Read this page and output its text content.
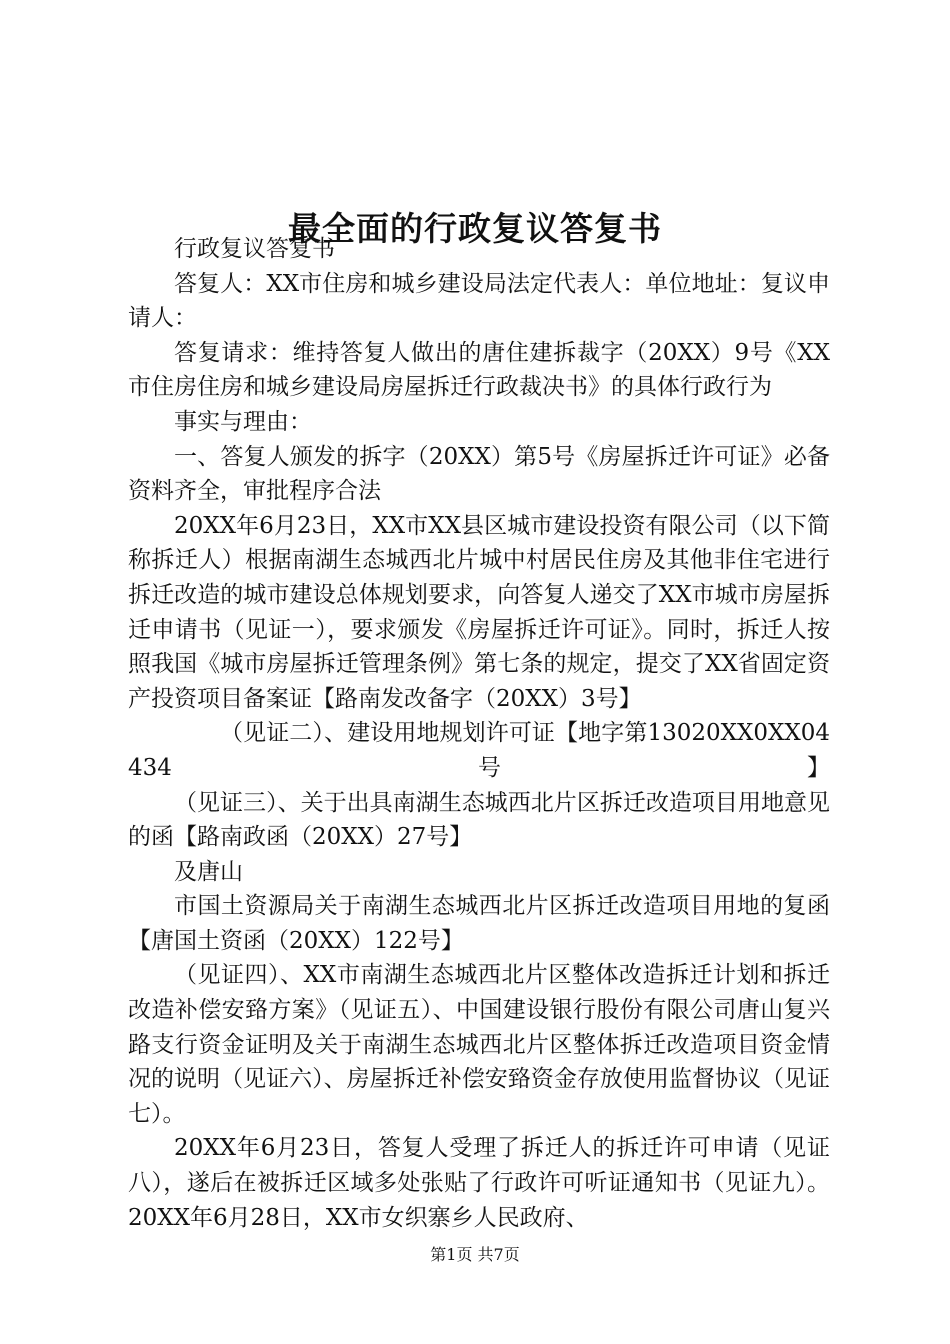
最全面的行政复议答复书

行政复议答复书

答复人：XX市住房和城乡建设局法定代表人：单位地址：复议申请人：

答复请求：维持答复人做出的唐住建拆裁字（20XX）9号《XX市住房住房和城乡建设局房屋拆迁行政裁决书》的具体行政行为

事实与理由：

一、答复人颁发的拆字（20XX）第5号《房屋拆迁许可证》必备资料齐全，审批程序合法

20XX年6月23日，XX市XX县区城市建设投资有限公司（以下简称拆迁人）根据南湖生态城西北片城中村居民住房及其他非住宅进行拆迁改造的城市建设总体规划要求，向答复人递交了XX市城市房屋拆迁申请书（见证一），要求颁发《房屋拆迁许可证》。同时，拆迁人按照我国《城市房屋拆迁管理条例》第七条的规定，提交了XX省固定资产投资项目备案证【路南发改备字（20XX）3号】

（见证二）、建设用地规划许可证【地字第13020XX0XX04434号】

（见证三）、关于出具南湖生态城西北片区拆迁改造项目用地意见的函【路南政函（20XX）27号】

及唐山

市国土资源局关于南湖生态城西北片区拆迁改造项目用地的复函【唐国土资函（20XX）122号】

（见证四）、XX市南湖生态城西北片区整体改造拆迁计划和拆迁改造补偿安臵方案》（见证五）、中国建设银行股份有限公司唐山复兴路支行资金证明及关于南湖生态城西北片区整体拆迁改造项目资金情况的说明（见证六）、房屋拆迁补偿安臵资金存放使用监督协议（见证七）。

20XX年6月23日，答复人受理了拆迁人的拆迁许可申请（见证八），遂后在被拆迁区域多处张贴了行政许可听证通知书（见证九）。20XX年6月28日，XX市女织寨乡人民政府、

第1页 共7页
